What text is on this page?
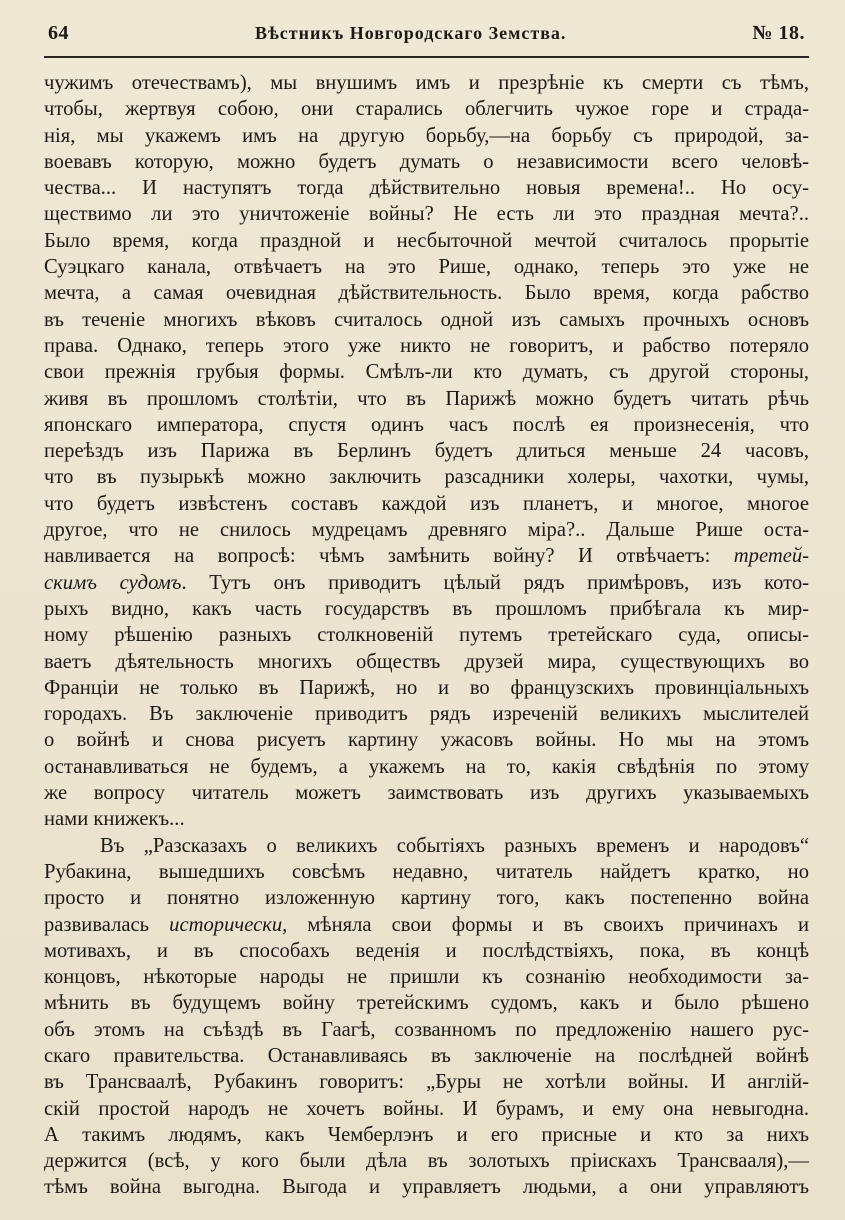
64	Вѣстникъ Новгородскаго Земства.	№ 18.
чужимъ отечествамъ), мы внушимъ имъ и презрѣніе къ смерти съ тѣмъ,
чтобы, жертвуя собою, они старались облегчить чужое горе и страда-
нія, мы укажемъ имъ на другую борьбу,—на борьбу съ природой, за-
воевавъ которую, можно будетъ думать о независимости всего человѣ-
чества... И наступятъ тогда дѣйствительно новыя времена!.. Но осу-
ществимо ли это уничтоженіе войны? Не есть ли это праздная мечта?..
Было время, когда праздной и несбыточной мечтой считалось прорытіе
Суэцкаго канала, отвѣчаетъ на это Рише, однако, теперь это уже не
мечта, а самая очевидная дѣйствительность. Было время, когда рабство
въ теченіе многихъ вѣковъ считалось одной изъ самыхъ прочныхъ основъ
права. Однако, теперь этого уже никто не говоритъ, и рабство потеряло
свои прежнія грубыя формы. Смѣлъ-ли кто думать, съ другой стороны,
живя въ прошломъ столѣтіи, что въ Парижѣ можно будетъ читать рѣчь
японскаго императора, спустя одинъ часъ послѣ ея произнесенія, что
переѣздъ изъ Парижа въ Берлинъ будетъ длиться меньше 24 часовъ,
что въ пузырькѣ можно заключить разсадники холеры, чахотки, чумы,
что будетъ извѣстенъ составъ каждой изъ планетъ, и многое, многое
другое, что не снилось мудрецамъ древняго міра?.. Дальше Рише оста-
навливается на вопросѣ: чѣмъ замѣнить войну? И отвѣчаетъ: третей-
скимъ судомъ. Тутъ онъ приводитъ цѣлый рядъ примѣровъ, изъ кото-
рыхъ видно, какъ часть государствъ въ прошломъ прибѣгала къ мир-
ному рѣшенію разныхъ столкновеній путемъ третейскаго суда, описы-
ваетъ дѣятельность многихъ обществъ друзей мира, существующихъ во
Франціи не только въ Парижѣ, но и во французскихъ провинціальныхъ
городахъ. Въ заключеніе приводитъ рядъ изреченій великихъ мыслителей
о войнѣ и снова рисуетъ картину ужасовъ войны. Но мы на этомъ
останавливаться не будемъ, а укажемъ на то, какія свѣдѣнія по этому
же вопросу читатель можетъ заимствовать изъ другихъ указываемыхъ
нами книжекъ...
Въ „Разсказахъ о великихъ событіяхъ разныхъ временъ и народовъ“
Рубакина, вышедшихъ совсѣмъ недавно, читатель найдетъ кратко, но
просто и понятно изложенную картину того, какъ постепенно война
развивалась исторически, мѣняла свои формы и въ своихъ причинахъ и
мотивахъ, и въ способахъ веденія и послѣдствіяхъ, пока, въ концѣ
концовъ, нѣкоторые народы не пришли къ сознанію необходимости за-
мѣнить въ будущемъ войну третейскимъ судомъ, какъ и было рѣшено
объ этомъ на съѣздѣ въ Гаагѣ, созванномъ по предложенію нашего рус-
скаго правительства. Останавливаясь въ заключеніе на послѣдней войнѣ
въ Трансваалѣ, Рубакинъ говоритъ: „Буры не хотѣли войны. И англій-
скій простой народъ не хочетъ войны. И бурамъ, и ему она невыгодна.
А такимъ людямъ, какъ Чемберлэнъ и его присные и кто за нихъ
держится (всѣ, у кого были дѣла въ золотыхъ пріискахъ Трансвааля),—
тѣмъ война выгодна. Выгода и управляетъ людьми, а они управляютъ
